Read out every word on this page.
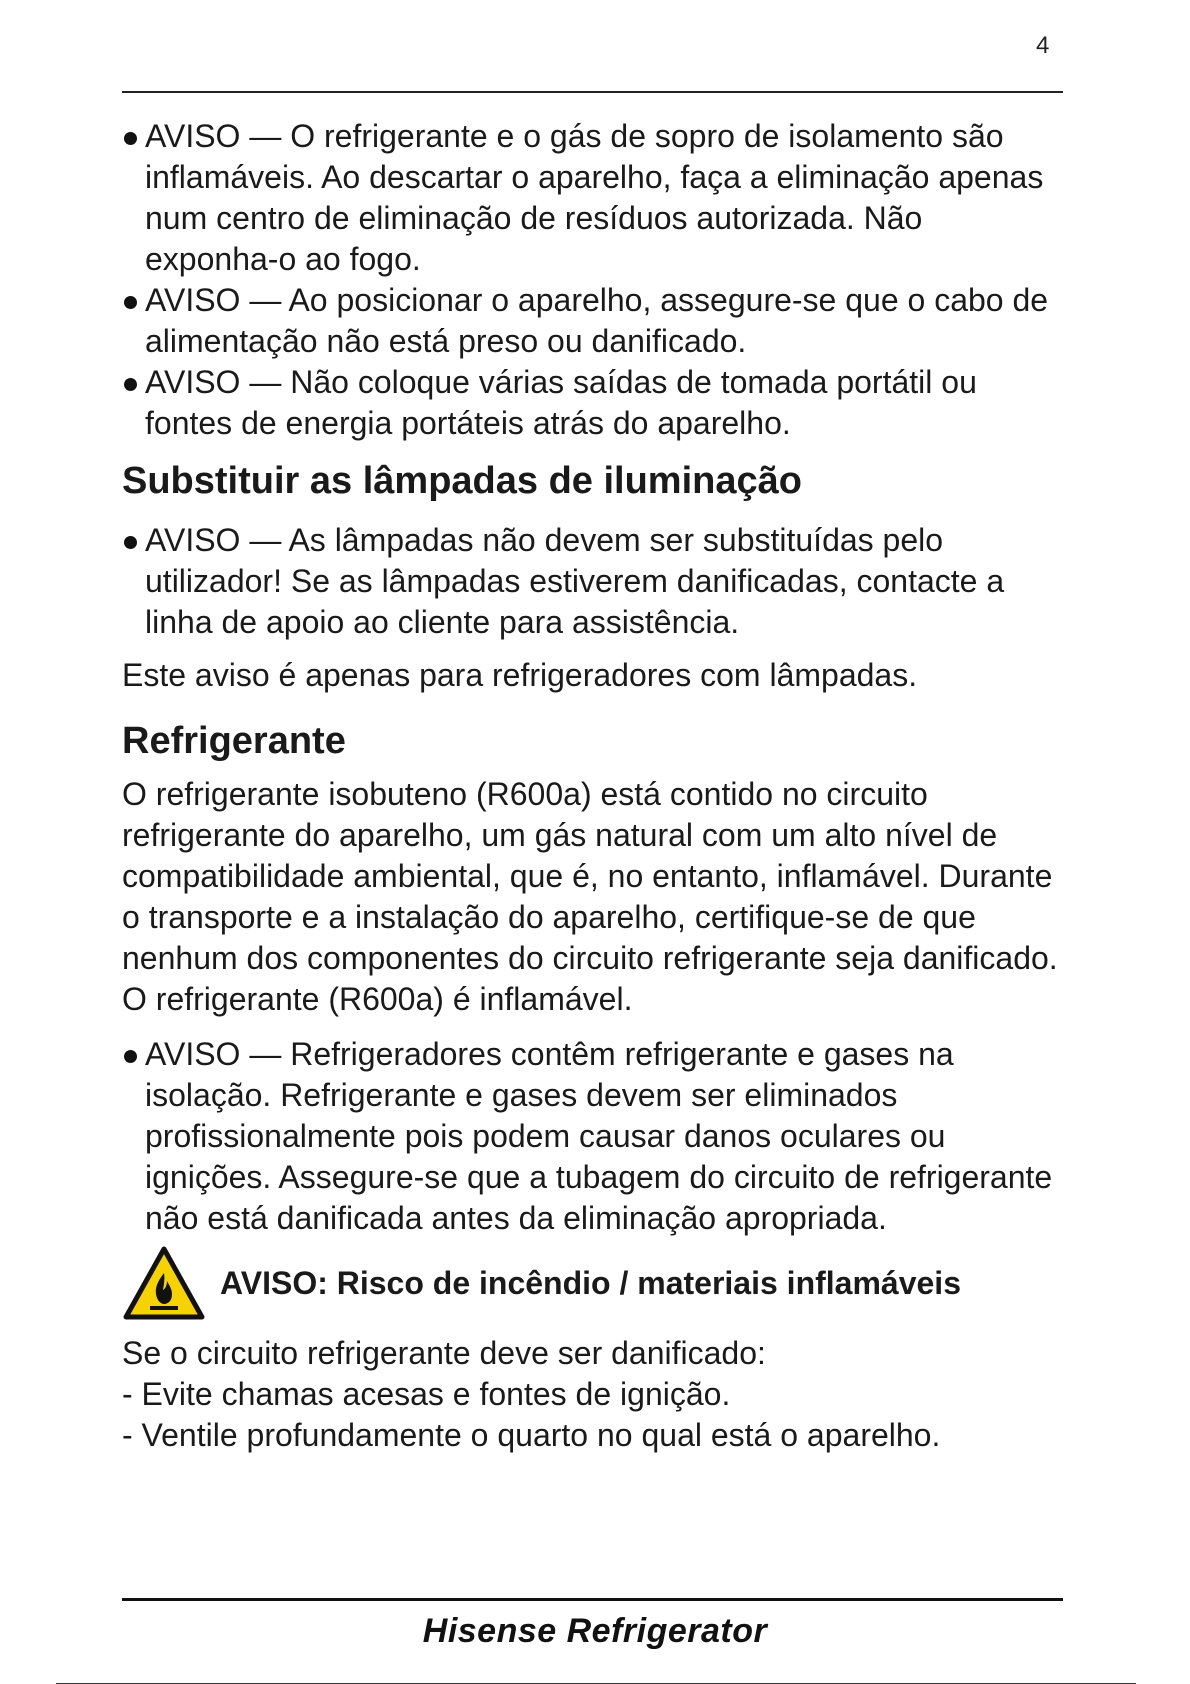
4
AVISO — O refrigerante e o gás de sopro de isolamento são inflamáveis. Ao descartar o aparelho, faça a eliminação apenas num centro de eliminação de resíduos autorizada. Não exponha-o ao fogo.
AVISO — Ao posicionar o aparelho, assegure-se que o cabo de alimentação não está preso ou danificado.
AVISO — Não coloque várias saídas de tomada portátil ou fontes de energia portáteis atrás do aparelho.
Substituir as lâmpadas de iluminação
AVISO — As lâmpadas não devem ser substituídas pelo utilizador! Se as lâmpadas estiverem danificadas, contacte a linha de apoio ao cliente para assistência.

Este aviso é apenas para refrigeradores com lâmpadas.

Refrigerante

O refrigerante isobuteno (R600a) está contido no circuito refrigerante do aparelho, um gás natural com um alto nível de compatibilidade ambiental, que é, no entanto, inflamável. Durante o transporte e a instalação do aparelho, certifique-se de que nenhum dos componentes do circuito refrigerante seja danificado.

O refrigerante (R600a) é inflamável.

AVISO — Refrigeradores contêm refrigerante e gases na isolação. Refrigerante e gases devem ser eliminados profissionalmente pois podem causar danos oculares ou ignições. Assegure-se que a tubagem do circuito de refrigerante não está danificada antes da eliminação apropriada.
AVISO: Risco de incêndio / materiais inflamáveis

Se o circuito refrigerante deve ser danificado:

- Evite chamas acesas e fontes de ignição.

- Ventile profundamente o quarto no qual está o aparelho.

Hisense Refrigerator
